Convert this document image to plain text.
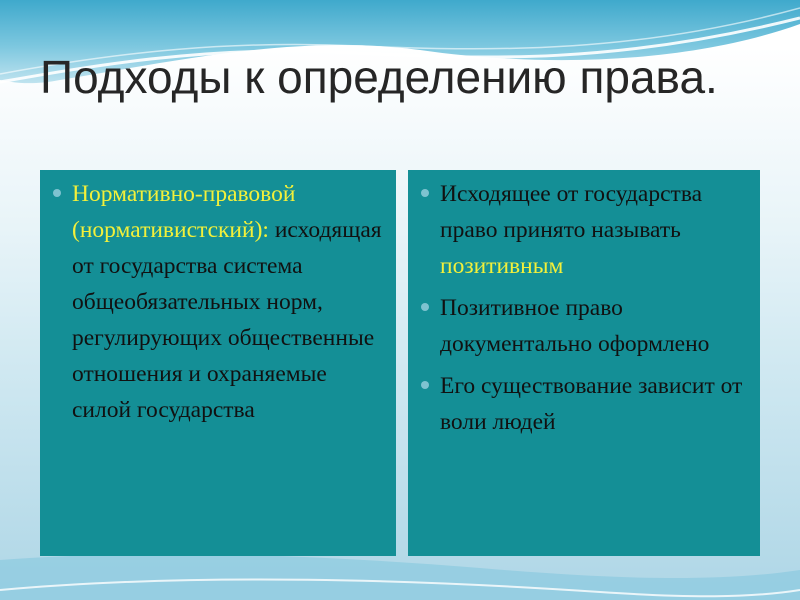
Подходы к определению права.
Нормативно-правовой (нормативистский): исходящая от государства система общеобязательных норм, регулирующих общественные отношения и охраняемые силой государства
Исходящее от государства право принято называть позитивным
Позитивное право документально оформлено
Его существование зависит от воли людей
